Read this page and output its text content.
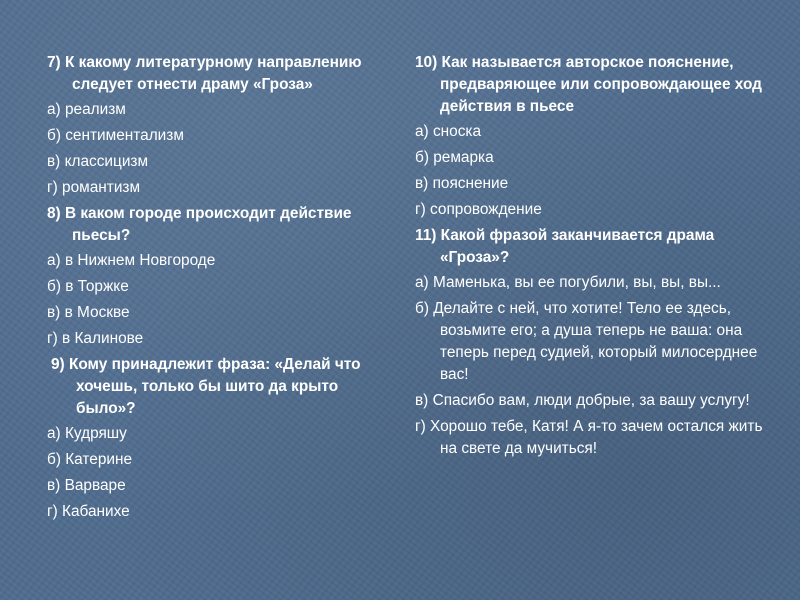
7) К какому литературному направлению следует отнести драму «Гроза»
а) реализм
б) сентиментализм
в) классицизм
г) романтизм
8) В каком городе происходит действие пьесы?
а) в Нижнем Новгороде
б) в Торжке
в) в Москве
г) в Калинове
9) Кому принадлежит фраза: «Делай что хочешь, только бы шито да крыто было»?
а) Кудряшу
б) Катерине
в) Варваре
г) Кабанихе
10) Как называется авторское пояснение, предваряющее или сопровождающее ход действия в пьесе
а) сноска
б) ремарка
в) пояснение
г) сопровождение
11) Какой фразой заканчивается драма «Гроза»?
а) Маменька, вы ее погубили, вы, вы, вы...
б) Делайте с ней, что хотите! Тело ее здесь, возьмите его; а душа теперь не ваша: она теперь перед судией, который милосерднее вас!
в) Спасибо вам, люди добрые, за вашу услугу!
г) Хорошо тебе, Катя! А я-то зачем остался жить на свете да мучиться!
